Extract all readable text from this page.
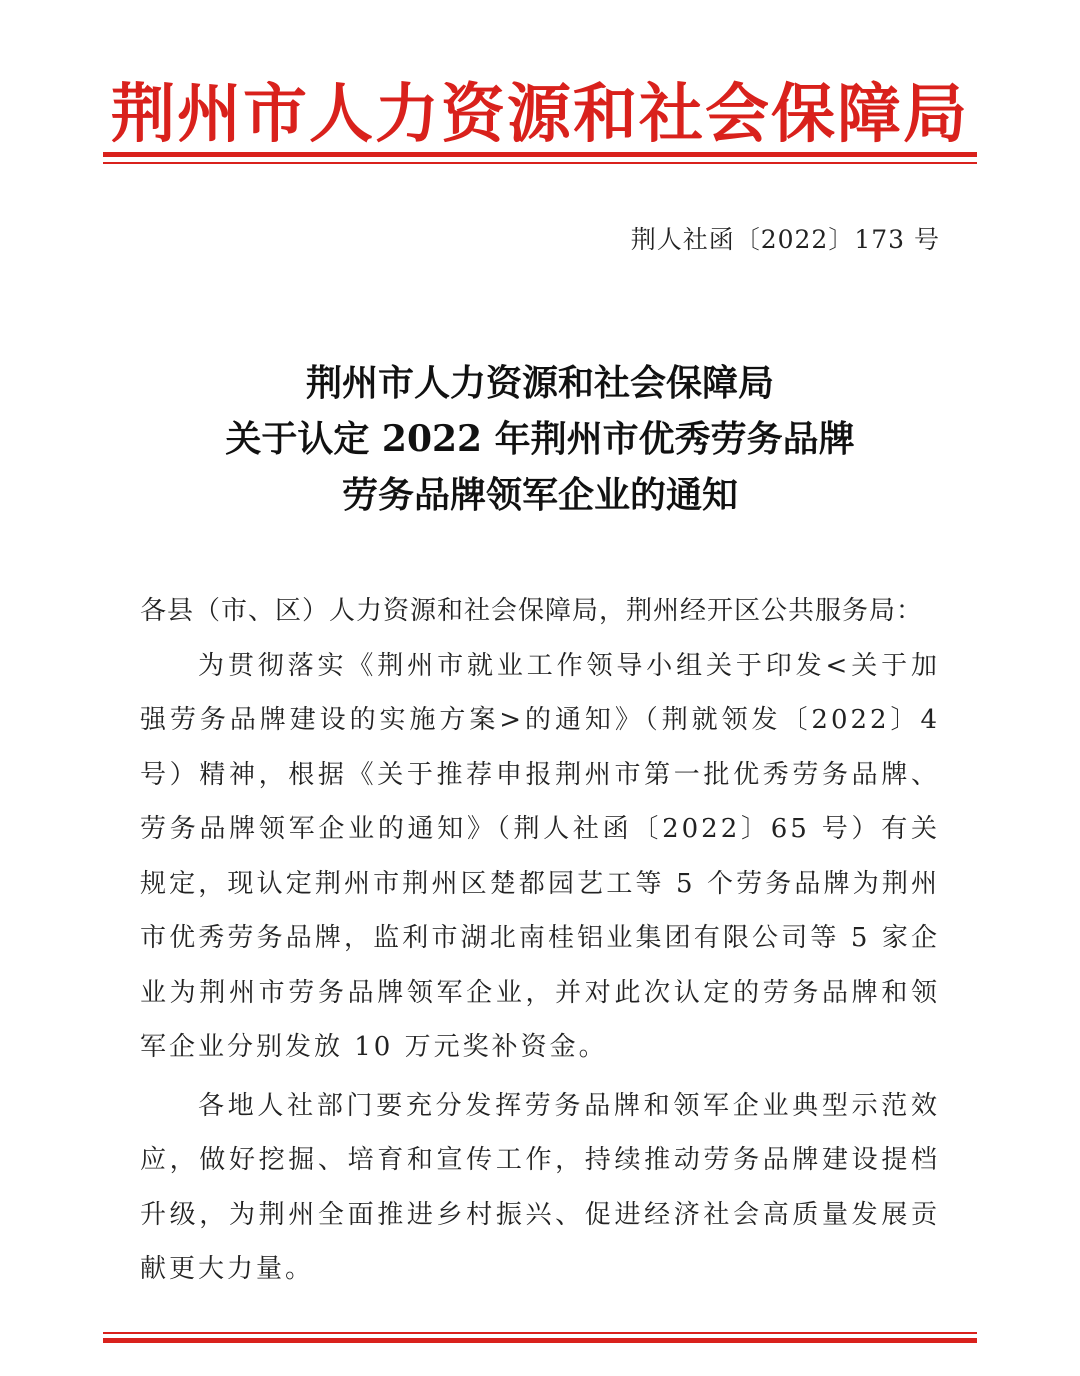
荆州市人力资源和社会保障局
荆人社函〔2022〕173 号
荆州市人力资源和社会保障局
关于认定 2022 年荆州市优秀劳务品牌
劳务品牌领军企业的通知

各县（市、区）人力资源和社会保障局，荆州经开区公共服务局：

为贯彻落实《荆州市就业工作领导小组关于印发<关于加强劳务品牌建设的实施方案>的通知》（荆就领发〔2022〕4 号）精神，根据《关于推荐申报荆州市第一批优秀劳务品牌、劳务品牌领军企业的通知》（荆人社函〔2022〕65 号）有关规定，现认定荆州市荆州区楚都园艺工等 5 个劳务品牌为荆州市优秀劳务品牌，监利市湖北南桂铝业集团有限公司等 5 家企业为荆州市劳务品牌领军企业，并对此次认定的劳务品牌和领军企业分别发放 10 万元奖补资金。

各地人社部门要充分发挥劳务品牌和领军企业典型示范效应，做好挖掘、培育和宣传工作，持续推动劳务品牌建设提档升级，为荆州全面推进乡村振兴、促进经济社会高质量发展贡献更大力量。
